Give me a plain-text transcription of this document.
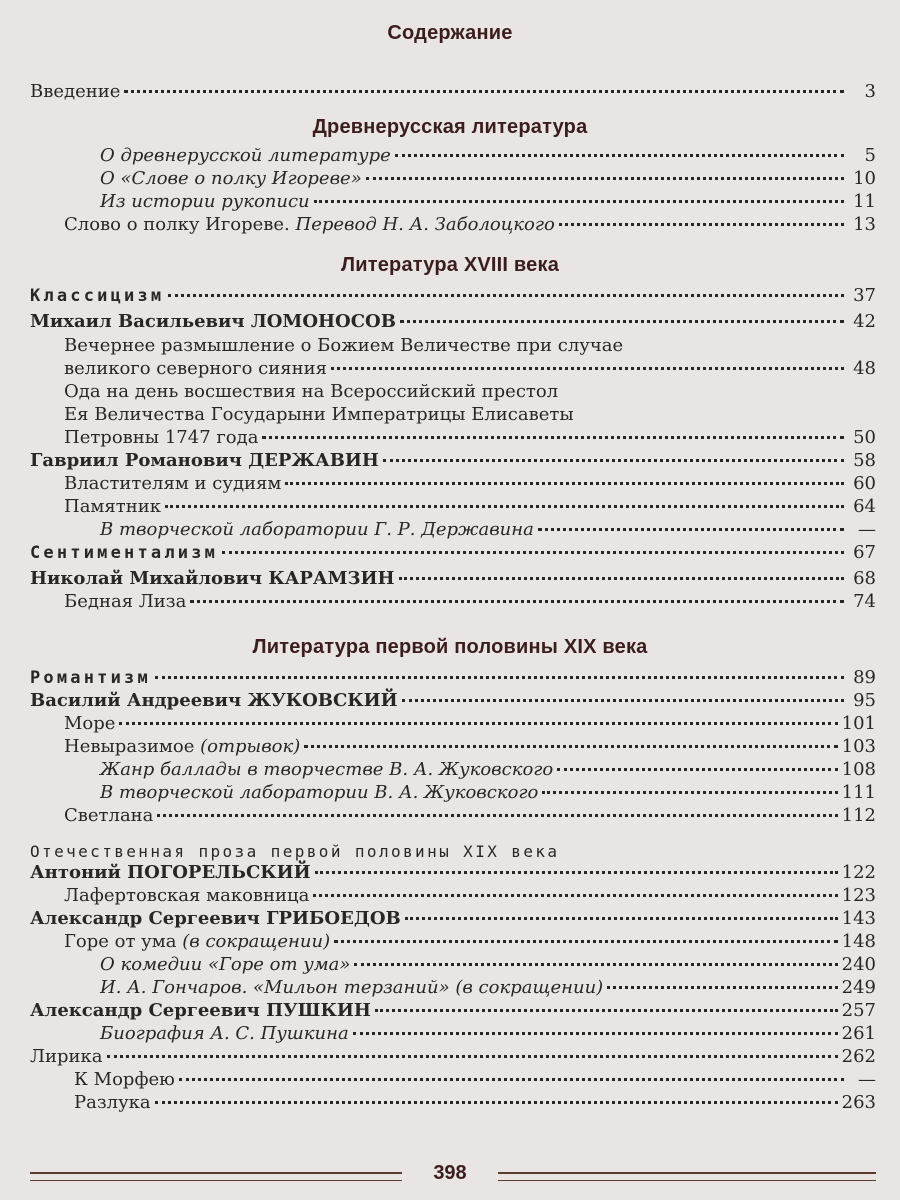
Содержание
Введение	3
Древнерусская литература
О древнерусской литературе	5
О «Слове о полку Игореве»	10
Из истории рукописи	11
Слово о полку Игореве. Перевод Н. А. Заболоцкого	13
Литература XVIII века
Классицизм	37
Михаил Васильевич ЛОМОНОСОВ	42
Вечернее размышление о Божием Величестве при случае
великого северного сияния	48
Ода на день восшествия на Всероссийский престол
Ея Величества Государыни Императрицы Елисаветы
Петровны 1747 года	50
Гавриил Романович ДЕРЖАВИН	58
Властителям и судиям	60
Памятник	64
В творческой лаборатории Г. Р. Державина	—
Сентиментализм	67
Николай Михайлович КАРАМЗИН	68
Бедная Лиза	74
Литература первой половины XIX века
Романтизм	89
Василий Андреевич ЖУКОВСКИЙ	95
Море	101
Невыразимое (отрывок)	103
Жанр баллады в творчестве В. А. Жуковского	108
В творческой лаборатории В. А. Жуковского	111
Светлана	112
Отечественная проза первой половины XIX века
Антоний ПОГОРЕЛЬСКИЙ	122
Лафертовская маковница	123
Александр Сергеевич ГРИБОЕДОВ	143
Горе от ума (в сокращении)	148
О комедии «Горе от ума»	240
И. А. Гончаров. «Мильон терзаний» (в сокращении)	249
Александр Сергеевич ПУШКИН	257
Биография А. С. Пушкина	261
Лирика	262
К Морфею	—
Разлука	263
398
